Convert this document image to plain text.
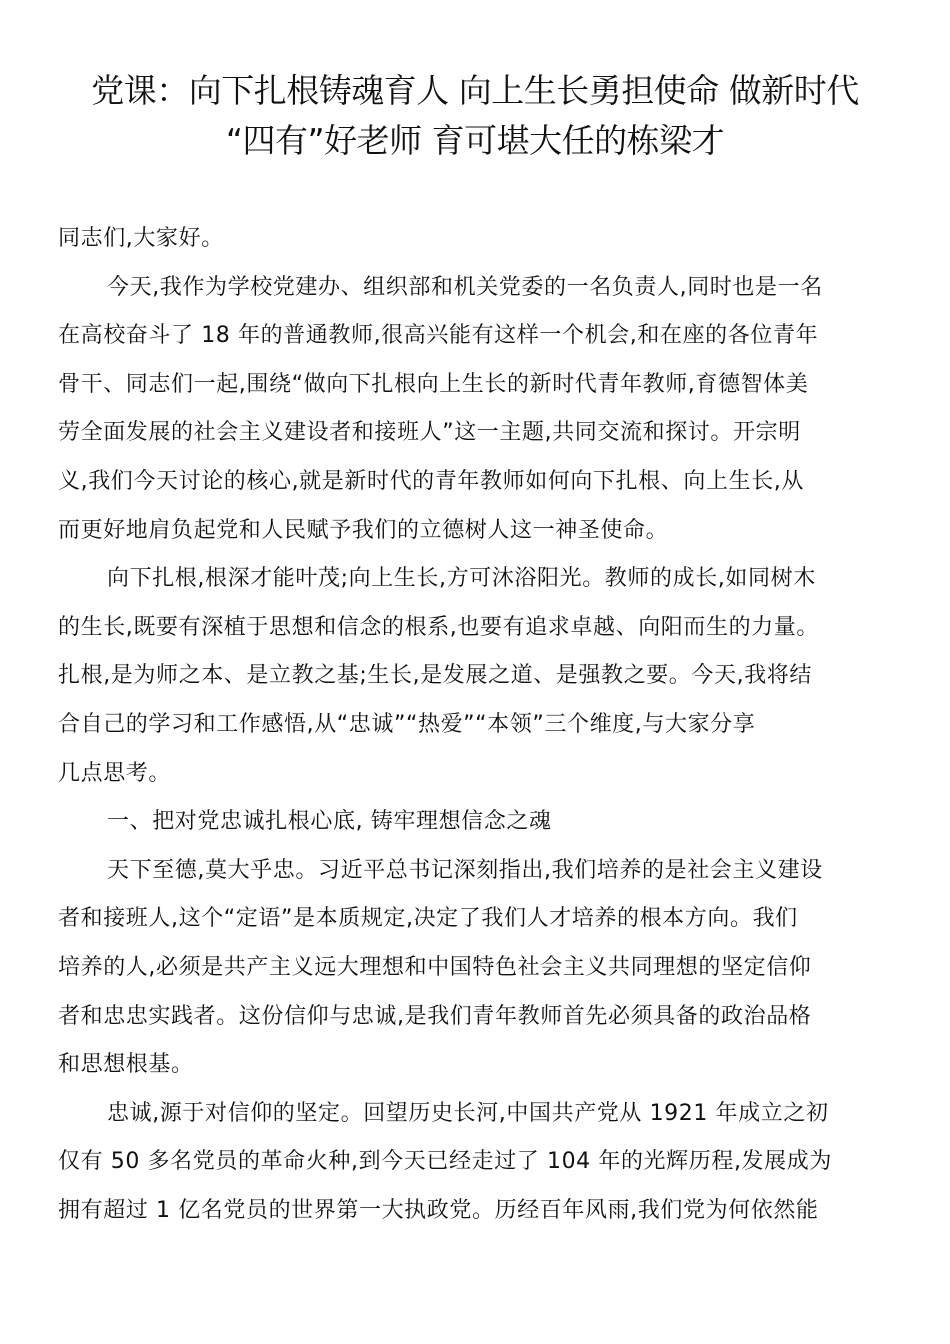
党课：向下扎根铸魂育人 向上生长勇担使命 做新时代
“四有”好老师 育可堪大任的栋梁才
同志们,大家好。
今天,我作为学校党建办、组织部和机关党委的一名负责人,同时也是一名
在高校奋斗了 18 年的普通教师,很高兴能有这样一个机会,和在座的各位青年
骨干、同志们一起,围绕“做向下扎根向上生长的新时代青年教师,育德智体美
劳全面发展的社会主义建设者和接班人”这一主题,共同交流和探讨。开宗明
义,我们今天讨论的核心,就是新时代的青年教师如何向下扎根、向上生长,从
而更好地肩负起党和人民赋予我们的立德树人这一神圣使命。
向下扎根,根深才能叶茂;向上生长,方可沐浴阳光。教师的成长,如同树木
的生长,既要有深植于思想和信念的根系,也要有追求卓越、向阳而生的力量。
扎根,是为师之本、是立教之基;生长,是发展之道、是强教之要。今天,我将结
合自己的学习和工作感悟,从“忠诚”“热爱”“本领”三个维度,与大家分享
几点思考。
一、把对党忠诚扎根心底, 铸牢理想信念之魂
天下至德,莫大乎忠。习近平总书记深刻指出,我们培养的是社会主义建设
者和接班人,这个“定语”是本质规定,决定了我们人才培养的根本方向。我们
培养的人,必须是共产主义远大理想和中国特色社会主义共同理想的坚定信仰
者和忠忠实践者。这份信仰与忠诚,是我们青年教师首先必须具备的政治品格
和思想根基。
忠诚,源于对信仰的坚定。回望历史长河,中国共产党从 1921 年成立之初
仅有 50 多名党员的革命火种,到今天已经走过了 104 年的光辉历程,发展成为
拥有超过 1 亿名党员的世界第一大执政党。历经百年风雨,我们党为何依然能
